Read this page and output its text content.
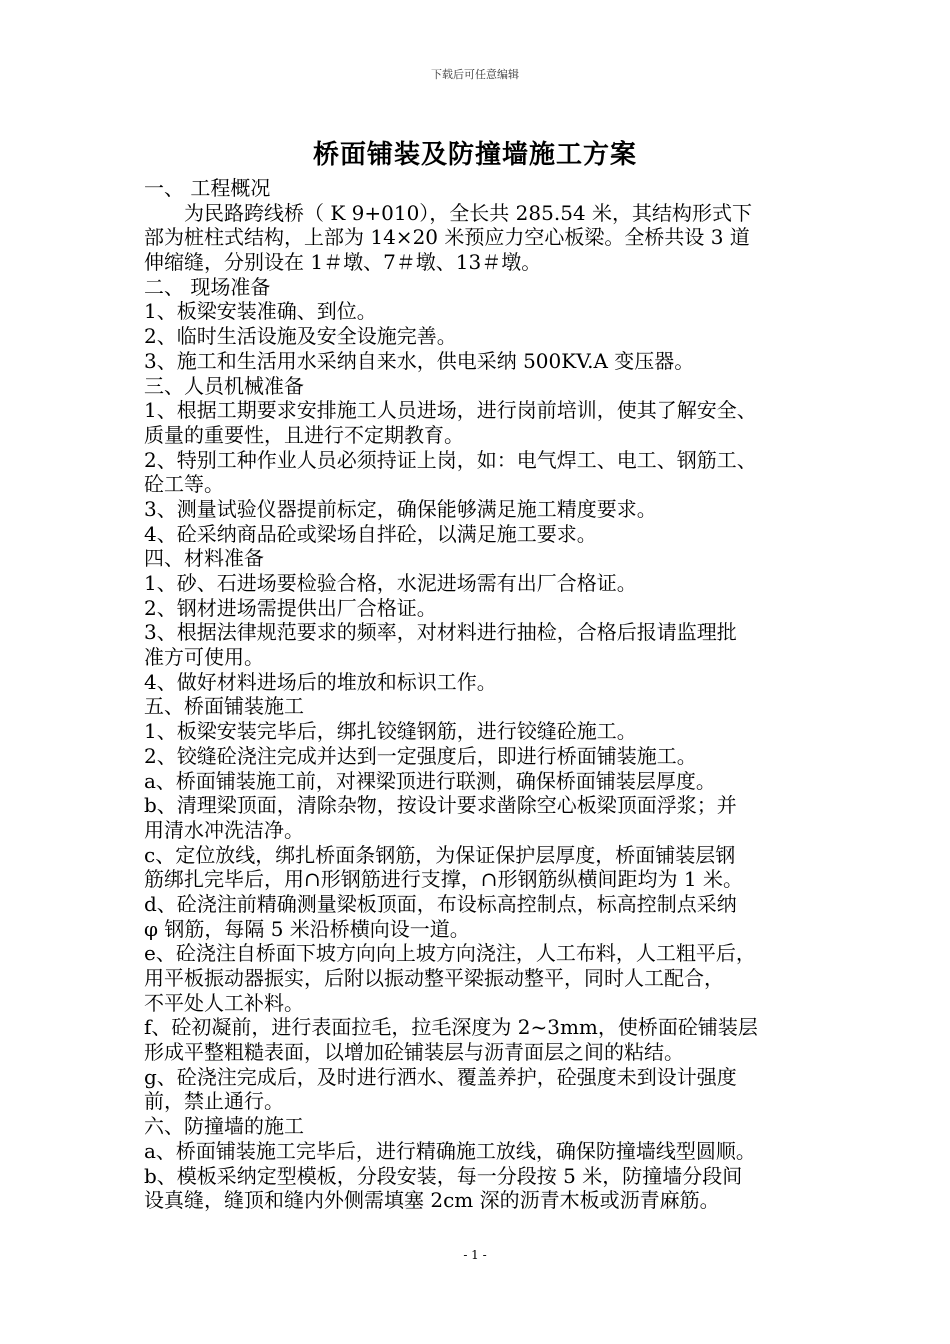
下载后可任意编辑
桥面铺装及防撞墙施工方案
一、 工程概况
为民路跨线桥（ K 9+010），全长共 285.54 米，其结构形式下
部为桩柱式结构，上部为 14×20 米预应力空心板梁。全桥共设 3 道
伸缩缝，分别设在 1＃墩、7＃墩、13＃墩。
二、 现场准备
1、板梁安装准确、到位。
2、临时生活设施及安全设施完善。
3、施工和生活用水采纳自来水，供电采纳 500KV.A 变压器。
三、人员机械准备
1、根据工期要求安排施工人员进场，进行岗前培训，使其了解安全、
质量的重要性，且进行不定期教育。
2、特别工种作业人员必须持证上岗，如：电气焊工、电工、钢筋工、
砼工等。
3、测量试验仪器提前标定，确保能够满足施工精度要求。
4、砼采纳商品砼或梁场自拌砼，以满足施工要求。
四、材料准备
1、砂、石进场要检验合格，水泥进场需有出厂合格证。
2、钢材进场需提供出厂合格证。
3、根据法律规范要求的频率，对材料进行抽检，合格后报请监理批
准方可使用。
4、做好材料进场后的堆放和标识工作。
五、桥面铺装施工
1、板梁安装完毕后，绑扎铰缝钢筋，进行铰缝砼施工。
2、铰缝砼浇注完成并达到一定强度后，即进行桥面铺装施工。
a、桥面铺装施工前，对裸梁顶进行联测，确保桥面铺装层厚度。
b、清理梁顶面，清除杂物，按设计要求凿除空心板梁顶面浮浆；并
用清水冲洗洁净。
c、定位放线，绑扎桥面条钢筋，为保证保护层厚度，桥面铺装层钢
筋绑扎完毕后，用∩形钢筋进行支撑，∩形钢筋纵横间距均为 1 米。
d、砼浇注前精确测量梁板顶面，布设标高控制点，标高控制点采纳
φ 钢筋，每隔 5 米沿桥横向设一道。
e、砼浇注自桥面下坡方向向上坡方向浇注，人工布料，人工粗平后，
用平板振动器振实，后附以振动整平梁振动整平，同时人工配合，
不平处人工补料。
f、砼初凝前，进行表面拉毛，拉毛深度为 2~3mm，使桥面砼铺装层
形成平整粗糙表面，以增加砼铺装层与沥青面层之间的粘结。
g、砼浇注完成后，及时进行洒水、覆盖养护，砼强度未到设计强度
前，禁止通行。
六、防撞墙的施工
a、桥面铺装施工完毕后，进行精确施工放线，确保防撞墙线型圆顺。
b、模板采纳定型模板，分段安装，每一分段按 5 米，防撞墙分段间
设真缝，缝顶和缝内外侧需填塞 2cm 深的沥青木板或沥青麻筋。
- 1 -
